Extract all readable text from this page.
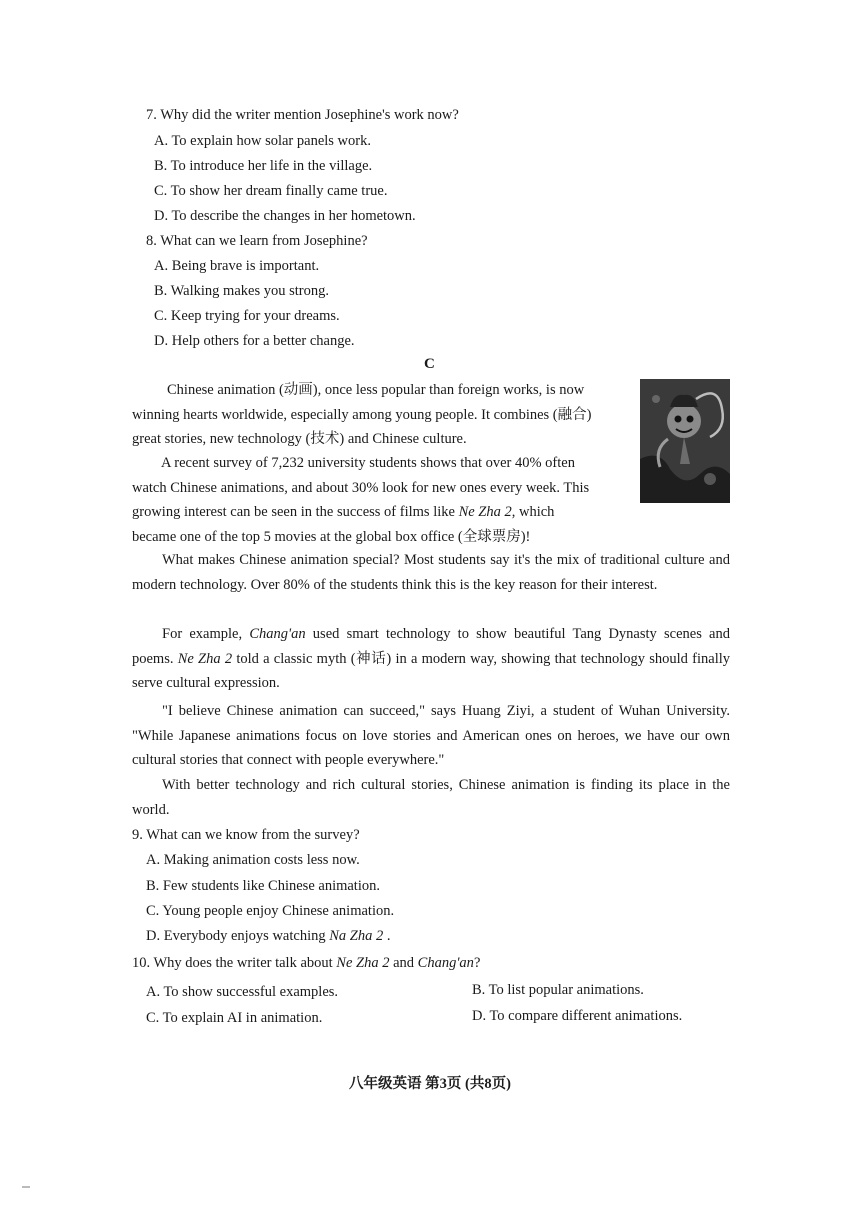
7. Why did the writer mention Josephine's work now?
A. To explain how solar panels work.
B. To introduce her life in the village.
C. To show her dream finally came true.
D. To describe the changes in her hometown.
8. What can we learn from Josephine?
A. Being brave is important.
B. Walking makes you strong.
C. Keep trying for your dreams.
D. Help others for a better change.
C
Chinese animation (动画), once less popular than foreign works, is now
winning hearts worldwide, especially among young people. It combines (融合)
great stories, new technology (技术) and Chinese culture.
A recent survey of 7,232 university students shows that over 40% often
watch Chinese animations, and about 30% look for new ones every week. This
growing interest can be seen in the success of films like Ne Zha 2, which
became one of the top 5 movies at the global box office (全球票房)!
What makes Chinese animation special? Most students say it's the mix of traditional culture and modern technology. Over 80% of the students think this is the key reason for their interest.
For example, Chang'an used smart technology to show beautiful Tang Dynasty scenes and poems. Ne Zha 2 told a classic myth (神话) in a modern way, showing that technology should finally serve cultural expression.
"I believe Chinese animation can succeed," says Huang Ziyi, a student of Wuhan University. "While Japanese animations focus on love stories and American ones on heroes, we have our own cultural stories that connect with people everywhere."
With better technology and rich cultural stories, Chinese animation is finding its place in the world.
9. What can we know from the survey?
A. Making animation costs less now.
B. Few students like Chinese animation.
C. Young people enjoy Chinese animation.
D. Everybody enjoys watching Na Zha 2 .
10. Why does the writer talk about Ne Zha 2 and Chang'an?
A. To show successful examples.	B. To list popular animations.
C. To explain AI in animation.	D. To compare different animations.
八年级英语 第3页 (共8页)
